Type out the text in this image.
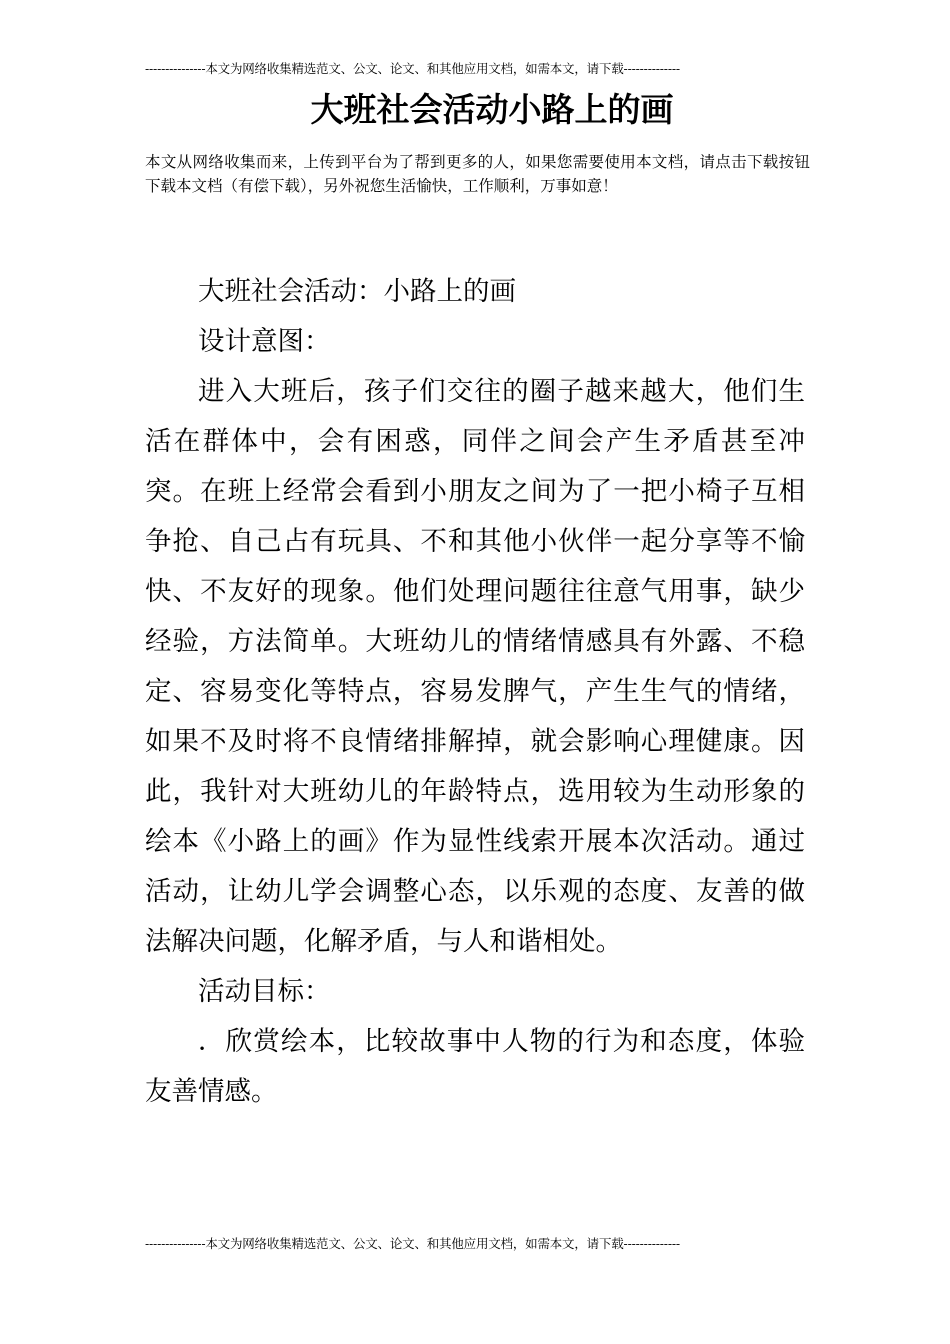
---------------本文为网络收集精选范文、公文、论文、和其他应用文档，如需本文，请下载--------------
大班社会活动小路上的画
本文从网络收集而来，上传到平台为了帮到更多的人，如果您需要使用本文档，请点击下载按钮下载本文档（有偿下载），另外祝您生活愉快，工作顺利，万事如意！

大班社会活动：小路上的画

设计意图：

进入大班后，孩子们交往的圈子越来越大，他们生活在群体中，会有困惑，同伴之间会产生矛盾甚至冲突。在班上经常会看到小朋友之间为了一把小椅子互相争抢、自己占有玩具、不和其他小伙伴一起分享等不愉快、不友好的现象。他们处理问题往往意气用事，缺少经验，方法简单。大班幼儿的情绪情感具有外露、不稳定、容易变化等特点，容易发脾气，产生生气的情绪，如果不及时将不良情绪排解掉，就会影响心理健康。因此，我针对大班幼儿的年龄特点，选用较为生动形象的绘本《小路上的画》作为显性线索开展本次活动。通过活动，让幼儿学会调整心态，以乐观的态度、友善的做法解决问题，化解矛盾，与人和谐相处。

活动目标：

．欣赏绘本，比较故事中人物的行为和态度，体验友善情感。

---------------本文为网络收集精选范文、公文、论文、和其他应用文档，如需本文，请下载--------------
